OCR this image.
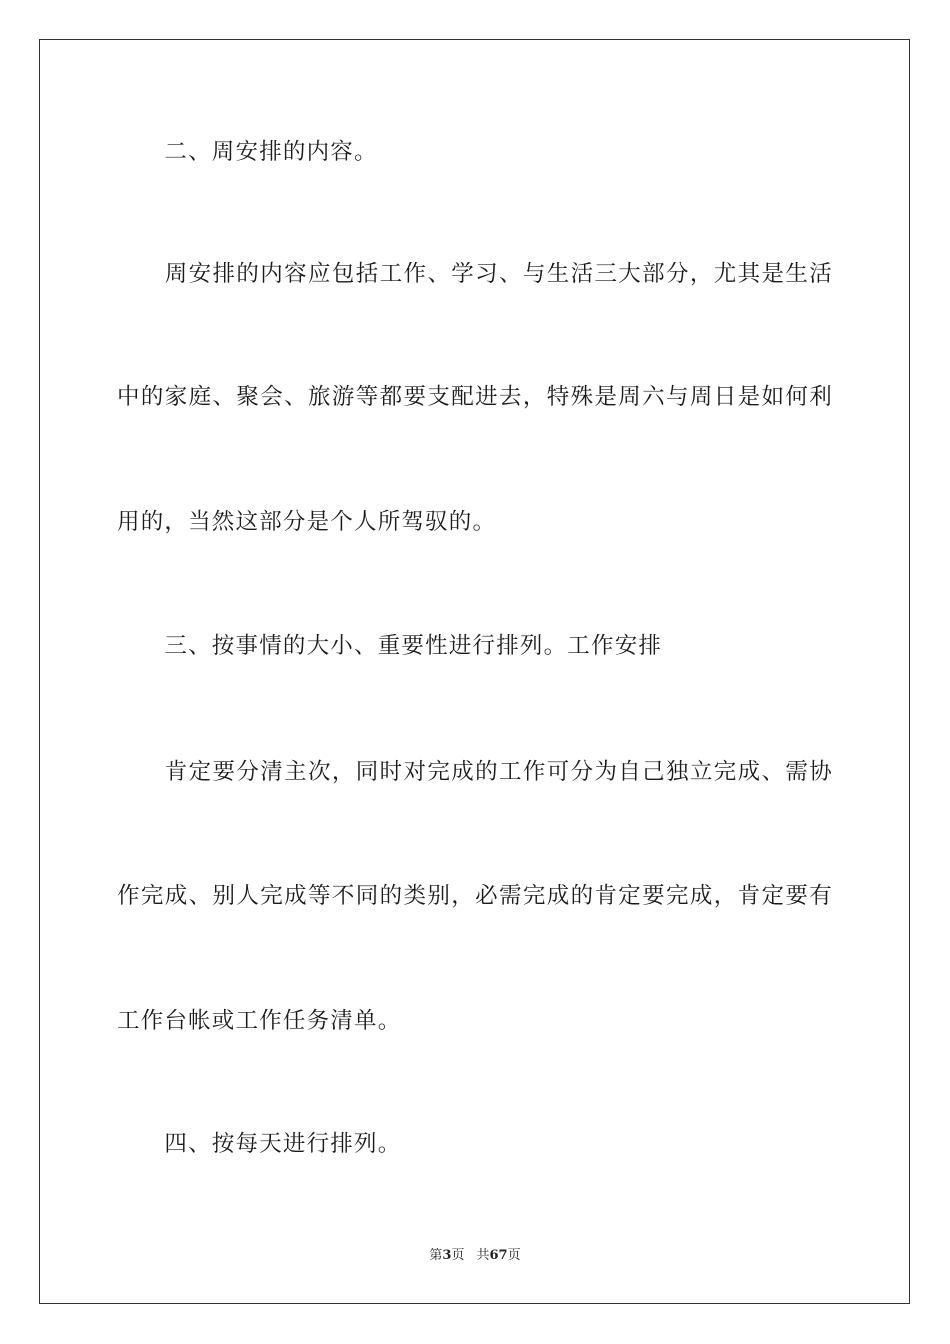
　　二、周安排的内容。

　　周安排的内容应包括工作、学习、与生活三大部分，尤其是生活

中的家庭、聚会、旅游等都要支配进去，特殊是周六与周日是如何利

用的，当然这部分是个人所驾驭的。

　　三、按事情的大小、重要性进行排列。工作安排

　　肯定要分清主次，同时对完成的工作可分为自己独立完成、需协

作完成、别人完成等不同的类别，必需完成的肯定要完成，肯定要有

工作台帐或工作任务清单。

　　四、按每天进行排列。

第3页 共67页
